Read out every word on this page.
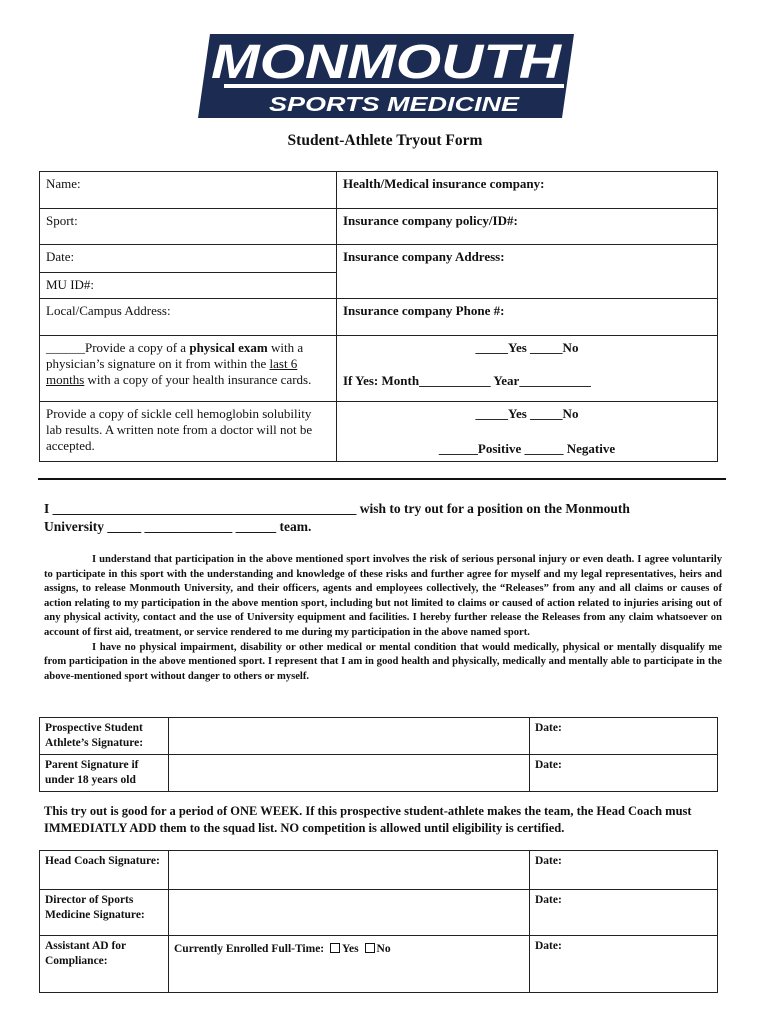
MONMOUTH
SPORTS MEDICINE
Student-Athlete Tryout Form
Name:	Health/Medical insurance company:
Sport:	Insurance company policy/ID#:
Date:	Insurance company Address:
MU ID#:	
Local/Campus Address:	Insurance company Phone #:
______Provide a copy of a physical exam with a physician’s signature on it from within the last 6 months with a copy of your health insurance cards.	_____Yes _____No
If Yes: Month___________ Year___________

Provide a copy of sickle cell hemoglobin solubility lab results. A written note from a doctor will not be accepted.	_____Yes _____No
______Positive ______ Negative
I _____________________________________________ wish to try out for a position on the Monmouth
University _____ _____________ ______ team.

I understand that participation in the above mentioned sport involves the risk of serious personal injury or even death. I agree voluntarily to participate in this sport with the understanding and knowledge of these risks and further agree for myself and my legal representatives, heirs and assigns, to release Monmouth University, and their officers, agents and employees collectively, the “Releases” from any and all claims or causes of action relating to my participation in the above mention sport, including but not limited to claims or caused of action related to injuries arising out of any physical activity, contact and the use of University equipment and facilities. I hereby further release the Releases from any claim whatsoever on account of first aid, treatment, or service rendered to me during my participation in the above named sport.

I have no physical impairment, disability or other medical or mental condition that would medically, physical or mentally disqualify me from participation in the above mentioned sport. I represent that I am in good health and physically, medically and mentally able to participate in the above-mentioned sport without danger to others or myself.

Prospective Student Athlete’s Signature:		Date:
Parent Signature if under 18 years old		Date:
This try out is good for a period of ONE WEEK. If this prospective student-athlete makes the team, the Head Coach must IMMEDIATLY ADD them to the squad list. NO competition is allowed until eligibility is certified.
Head Coach Signature:		Date:
Director of Sports Medicine Signature:		Date:
Assistant AD for Compliance:	Currently Enrolled Full-Time: Yes No	Date:
